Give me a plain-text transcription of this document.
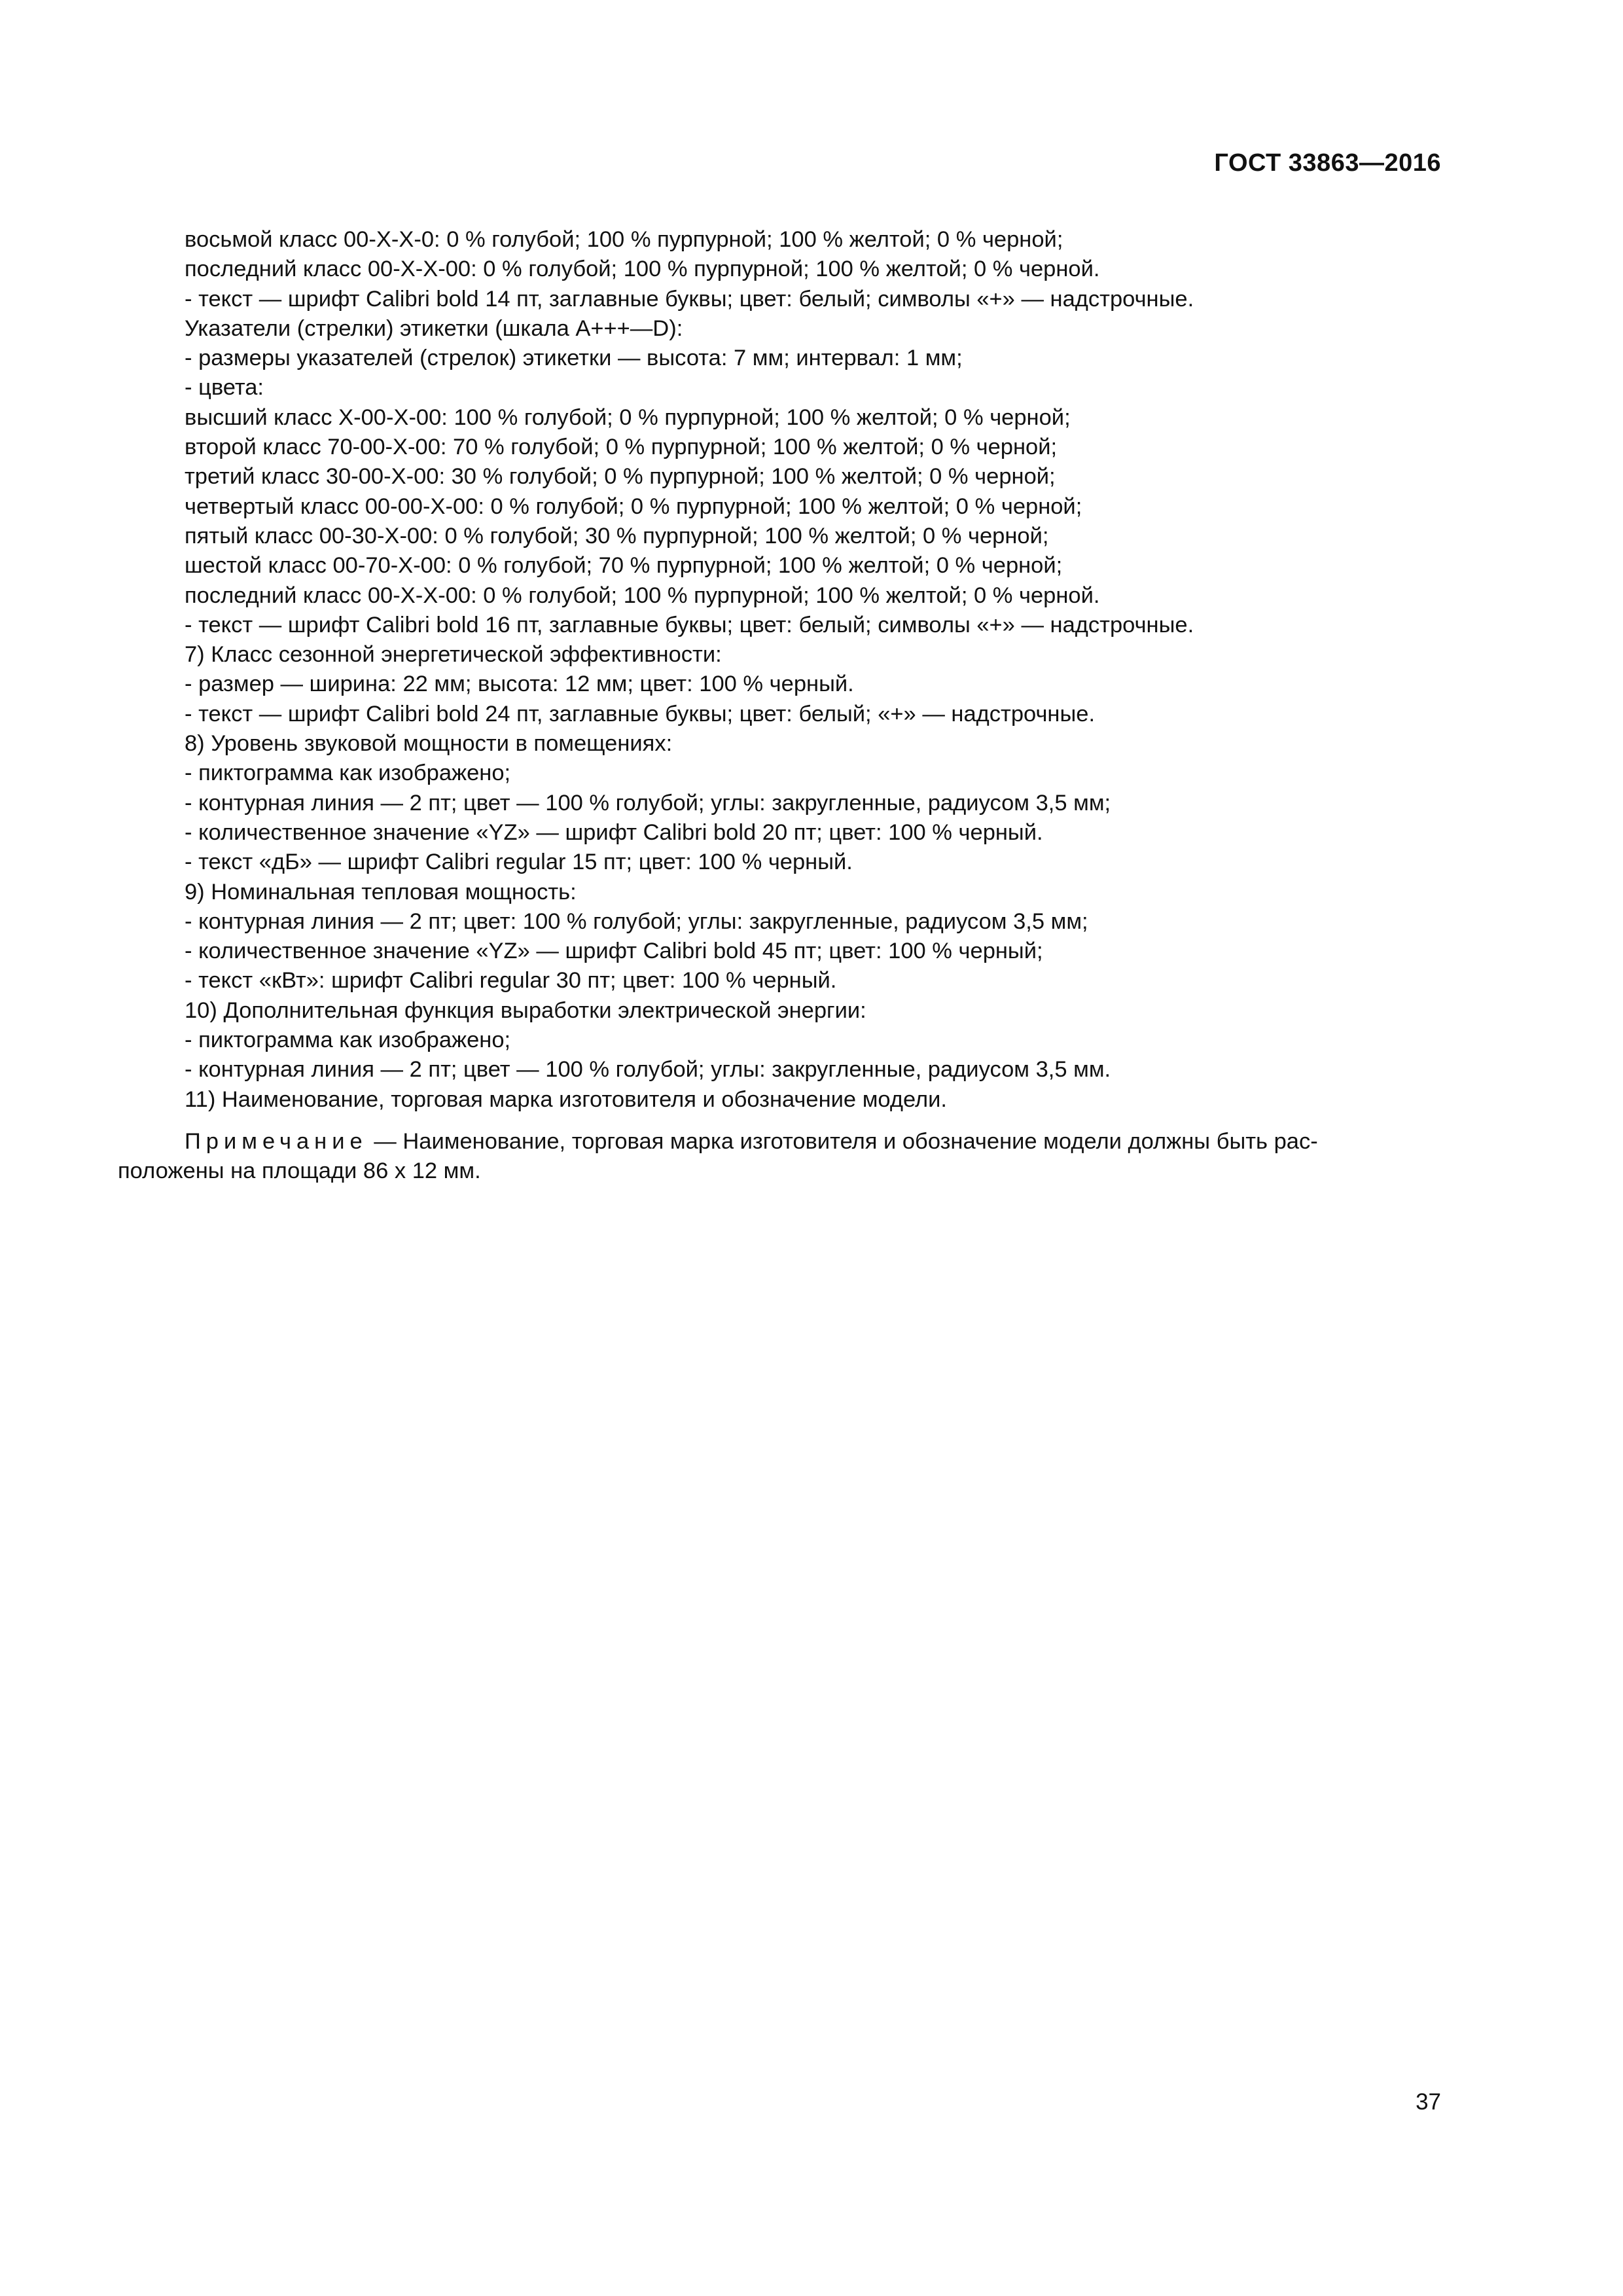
ГОСТ 33863—2016
восьмой класс 00-X-X-0: 0 % голубой; 100 % пурпурной; 100 % желтой; 0 % черной;
последний класс 00-X-X-00: 0 % голубой; 100 % пурпурной; 100 % желтой; 0 % черной.
- текст — шрифт Calibri bold 14 пт, заглавные буквы; цвет: белый; символы «+» — надстрочные.
Указатели (стрелки) этикетки (шкала А+++—D):
- размеры указателей (стрелок) этикетки — высота: 7 мм; интервал: 1 мм;
- цвета:
высший класс X-00-X-00: 100 % голубой; 0 % пурпурной; 100 % желтой; 0 % черной;
второй класс 70-00-X-00: 70 % голубой; 0 % пурпурной; 100 % желтой; 0 % черной;
третий класс 30-00-X-00: 30 % голубой; 0 % пурпурной; 100 % желтой; 0 % черной;
четвертый класс 00-00-X-00: 0 % голубой; 0 % пурпурной; 100 % желтой; 0 % черной;
пятый класс 00-30-X-00: 0 % голубой; 30 % пурпурной; 100 % желтой; 0 % черной;
шестой класс 00-70-X-00: 0 % голубой; 70 % пурпурной; 100 % желтой; 0 % черной;
последний класс 00-X-X-00: 0 % голубой; 100 % пурпурной; 100 % желтой; 0 % черной.
- текст — шрифт Calibri bold 16 пт, заглавные буквы; цвет: белый; символы «+» — надстрочные.
7) Класс сезонной энергетической эффективности:
- размер — ширина: 22 мм; высота: 12 мм; цвет: 100 % черный.
- текст — шрифт Calibri bold 24 пт, заглавные буквы; цвет: белый; «+» — надстрочные.
8) Уровень звуковой мощности в помещениях:
- пиктограмма как изображено;
- контурная линия — 2 пт; цвет — 100 % голубой; углы: закругленные, радиусом 3,5 мм;
- количественное значение «YZ» — шрифт Calibri bold 20 пт; цвет: 100 % черный.
- текст «дБ» — шрифт Calibri regular 15 пт; цвет: 100 % черный.
9) Номинальная тепловая мощность:
- контурная линия — 2 пт; цвет: 100 % голубой; углы: закругленные, радиусом 3,5 мм;
- количественное значение «YZ» — шрифт Calibri bold 45 пт; цвет: 100 % черный;
- текст «кВт»: шрифт Calibri regular 30 пт; цвет: 100 % черный.
10) Дополнительная функция выработки электрической энергии:
- пиктограмма как изображено;
- контурная линия — 2 пт; цвет — 100 % голубой; углы: закругленные, радиусом 3,5 мм.
11) Наименование, торговая марка изготовителя и обозначение модели.
Примечание — Наименование, торговая марка изготовителя и обозначение модели должны быть рас-
положены на площади 86 x 12 мм.
37
